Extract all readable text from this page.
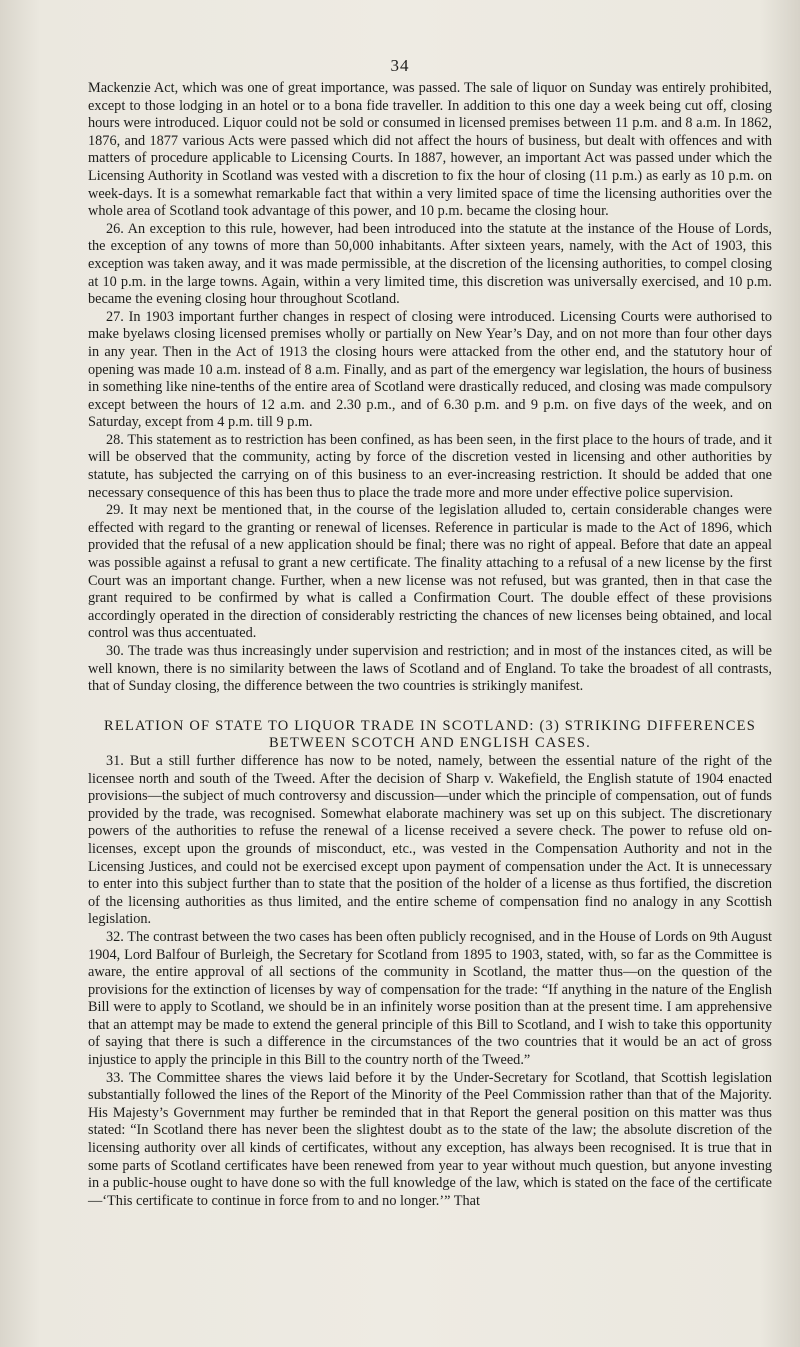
34

Mackenzie Act, which was one of great importance, was passed. The sale of liquor on Sunday was entirely prohibited, except to those lodging in an hotel or to a bona fide traveller. In addition to this one day a week being cut off, closing hours were introduced. Liquor could not be sold or consumed in licensed premises between 11 p.m. and 8 a.m. In 1862, 1876, and 1877 various Acts were passed which did not affect the hours of business, but dealt with offences and with matters of procedure applicable to Licensing Courts. In 1887, however, an important Act was passed under which the Licensing Authority in Scotland was vested with a discretion to fix the hour of closing (11 p.m.) as early as 10 p.m. on week-days. It is a somewhat remarkable fact that within a very limited space of time the licensing authorities over the whole area of Scotland took advantage of this power, and 10 p.m. became the closing hour.

26. An exception to this rule, however, had been introduced into the statute at the instance of the House of Lords, the exception of any towns of more than 50,000 inhabitants. After sixteen years, namely, with the Act of 1903, this exception was taken away, and it was made permissible, at the discretion of the licensing authorities, to compel closing at 10 p.m. in the large towns. Again, within a very limited time, this discretion was universally exercised, and 10 p.m. became the evening closing hour throughout Scotland.

27. In 1903 important further changes in respect of closing were introduced. Licensing Courts were authorised to make byelaws closing licensed premises wholly or partially on New Year’s Day, and on not more than four other days in any year. Then in the Act of 1913 the closing hours were attacked from the other end, and the statutory hour of opening was made 10 a.m. instead of 8 a.m. Finally, and as part of the emergency war legislation, the hours of business in something like nine-tenths of the entire area of Scotland were drastically reduced, and closing was made compulsory except between the hours of 12 a.m. and 2.30 p.m., and of 6.30 p.m. and 9 p.m. on five days of the week, and on Saturday, except from 4 p.m. till 9 p.m.

28. This statement as to restriction has been confined, as has been seen, in the first place to the hours of trade, and it will be observed that the community, acting by force of the discretion vested in licensing and other authorities by statute, has subjected the carrying on of this business to an ever-increasing restriction. It should be added that one necessary consequence of this has been thus to place the trade more and more under effective police supervision.

29. It may next be mentioned that, in the course of the legislation alluded to, certain considerable changes were effected with regard to the granting or renewal of licenses. Reference in particular is made to the Act of 1896, which provided that the refusal of a new application should be final; there was no right of appeal. Before that date an appeal was possible against a refusal to grant a new certificate. The finality attaching to a refusal of a new license by the first Court was an important change. Further, when a new license was not refused, but was granted, then in that case the grant required to be confirmed by what is called a Confirmation Court. The double effect of these provisions accordingly operated in the direction of considerably restricting the chances of new licenses being obtained, and local control was thus accentuated.

30. The trade was thus increasingly under supervision and restriction; and in most of the instances cited, as will be well known, there is no similarity between the laws of Scotland and of England. To take the broadest of all contrasts, that of Sunday closing, the difference between the two countries is strikingly manifest.

RELATION OF STATE TO LIQUOR TRADE IN SCOTLAND: (3) STRIKING DIFFERENCES BETWEEN SCOTCH AND ENGLISH CASES.

31. But a still further difference has now to be noted, namely, between the essential nature of the right of the licensee north and south of the Tweed. After the decision of Sharp v. Wakefield, the English statute of 1904 enacted provisions—the subject of much controversy and discussion—under which the principle of compensation, out of funds provided by the trade, was recognised. Somewhat elaborate machinery was set up on this subject. The discretionary powers of the authorities to refuse the renewal of a license received a severe check. The power to refuse old on-licenses, except upon the grounds of misconduct, etc., was vested in the Compensation Authority and not in the Licensing Justices, and could not be exercised except upon payment of compensation under the Act. It is unnecessary to enter into this subject further than to state that the position of the holder of a license as thus fortified, the discretion of the licensing authorities as thus limited, and the entire scheme of compensation find no analogy in any Scottish legislation.

32. The contrast between the two cases has been often publicly recognised, and in the House of Lords on 9th August 1904, Lord Balfour of Burleigh, the Secretary for Scotland from 1895 to 1903, stated, with, so far as the Committee is aware, the entire approval of all sections of the community in Scotland, the matter thus—on the question of the provisions for the extinction of licenses by way of compensation for the trade: “If anything in the nature of the English Bill were to apply to Scotland, we should be in an infinitely worse position than at the present time. I am apprehensive that an attempt may be made to extend the general principle of this Bill to Scotland, and I wish to take this opportunity of saying that there is such a difference in the circumstances of the two countries that it would be an act of gross injustice to apply the principle in this Bill to the country north of the Tweed.”

33. The Committee shares the views laid before it by the Under-Secretary for Scotland, that Scottish legislation substantially followed the lines of the Report of the Minority of the Peel Commission rather than that of the Majority. His Majesty’s Government may further be reminded that in that Report the general position on this matter was thus stated: “In Scotland there has never been the slightest doubt as to the state of the law; the absolute discretion of the licensing authority over all kinds of certificates, without any exception, has always been recognised. It is true that in some parts of Scotland certificates have been renewed from year to year without much question, but anyone investing in a public-house ought to have done so with the full knowledge of the law, which is stated on the face of the certificate—‘This certificate to continue in force from to and no longer.’” That
